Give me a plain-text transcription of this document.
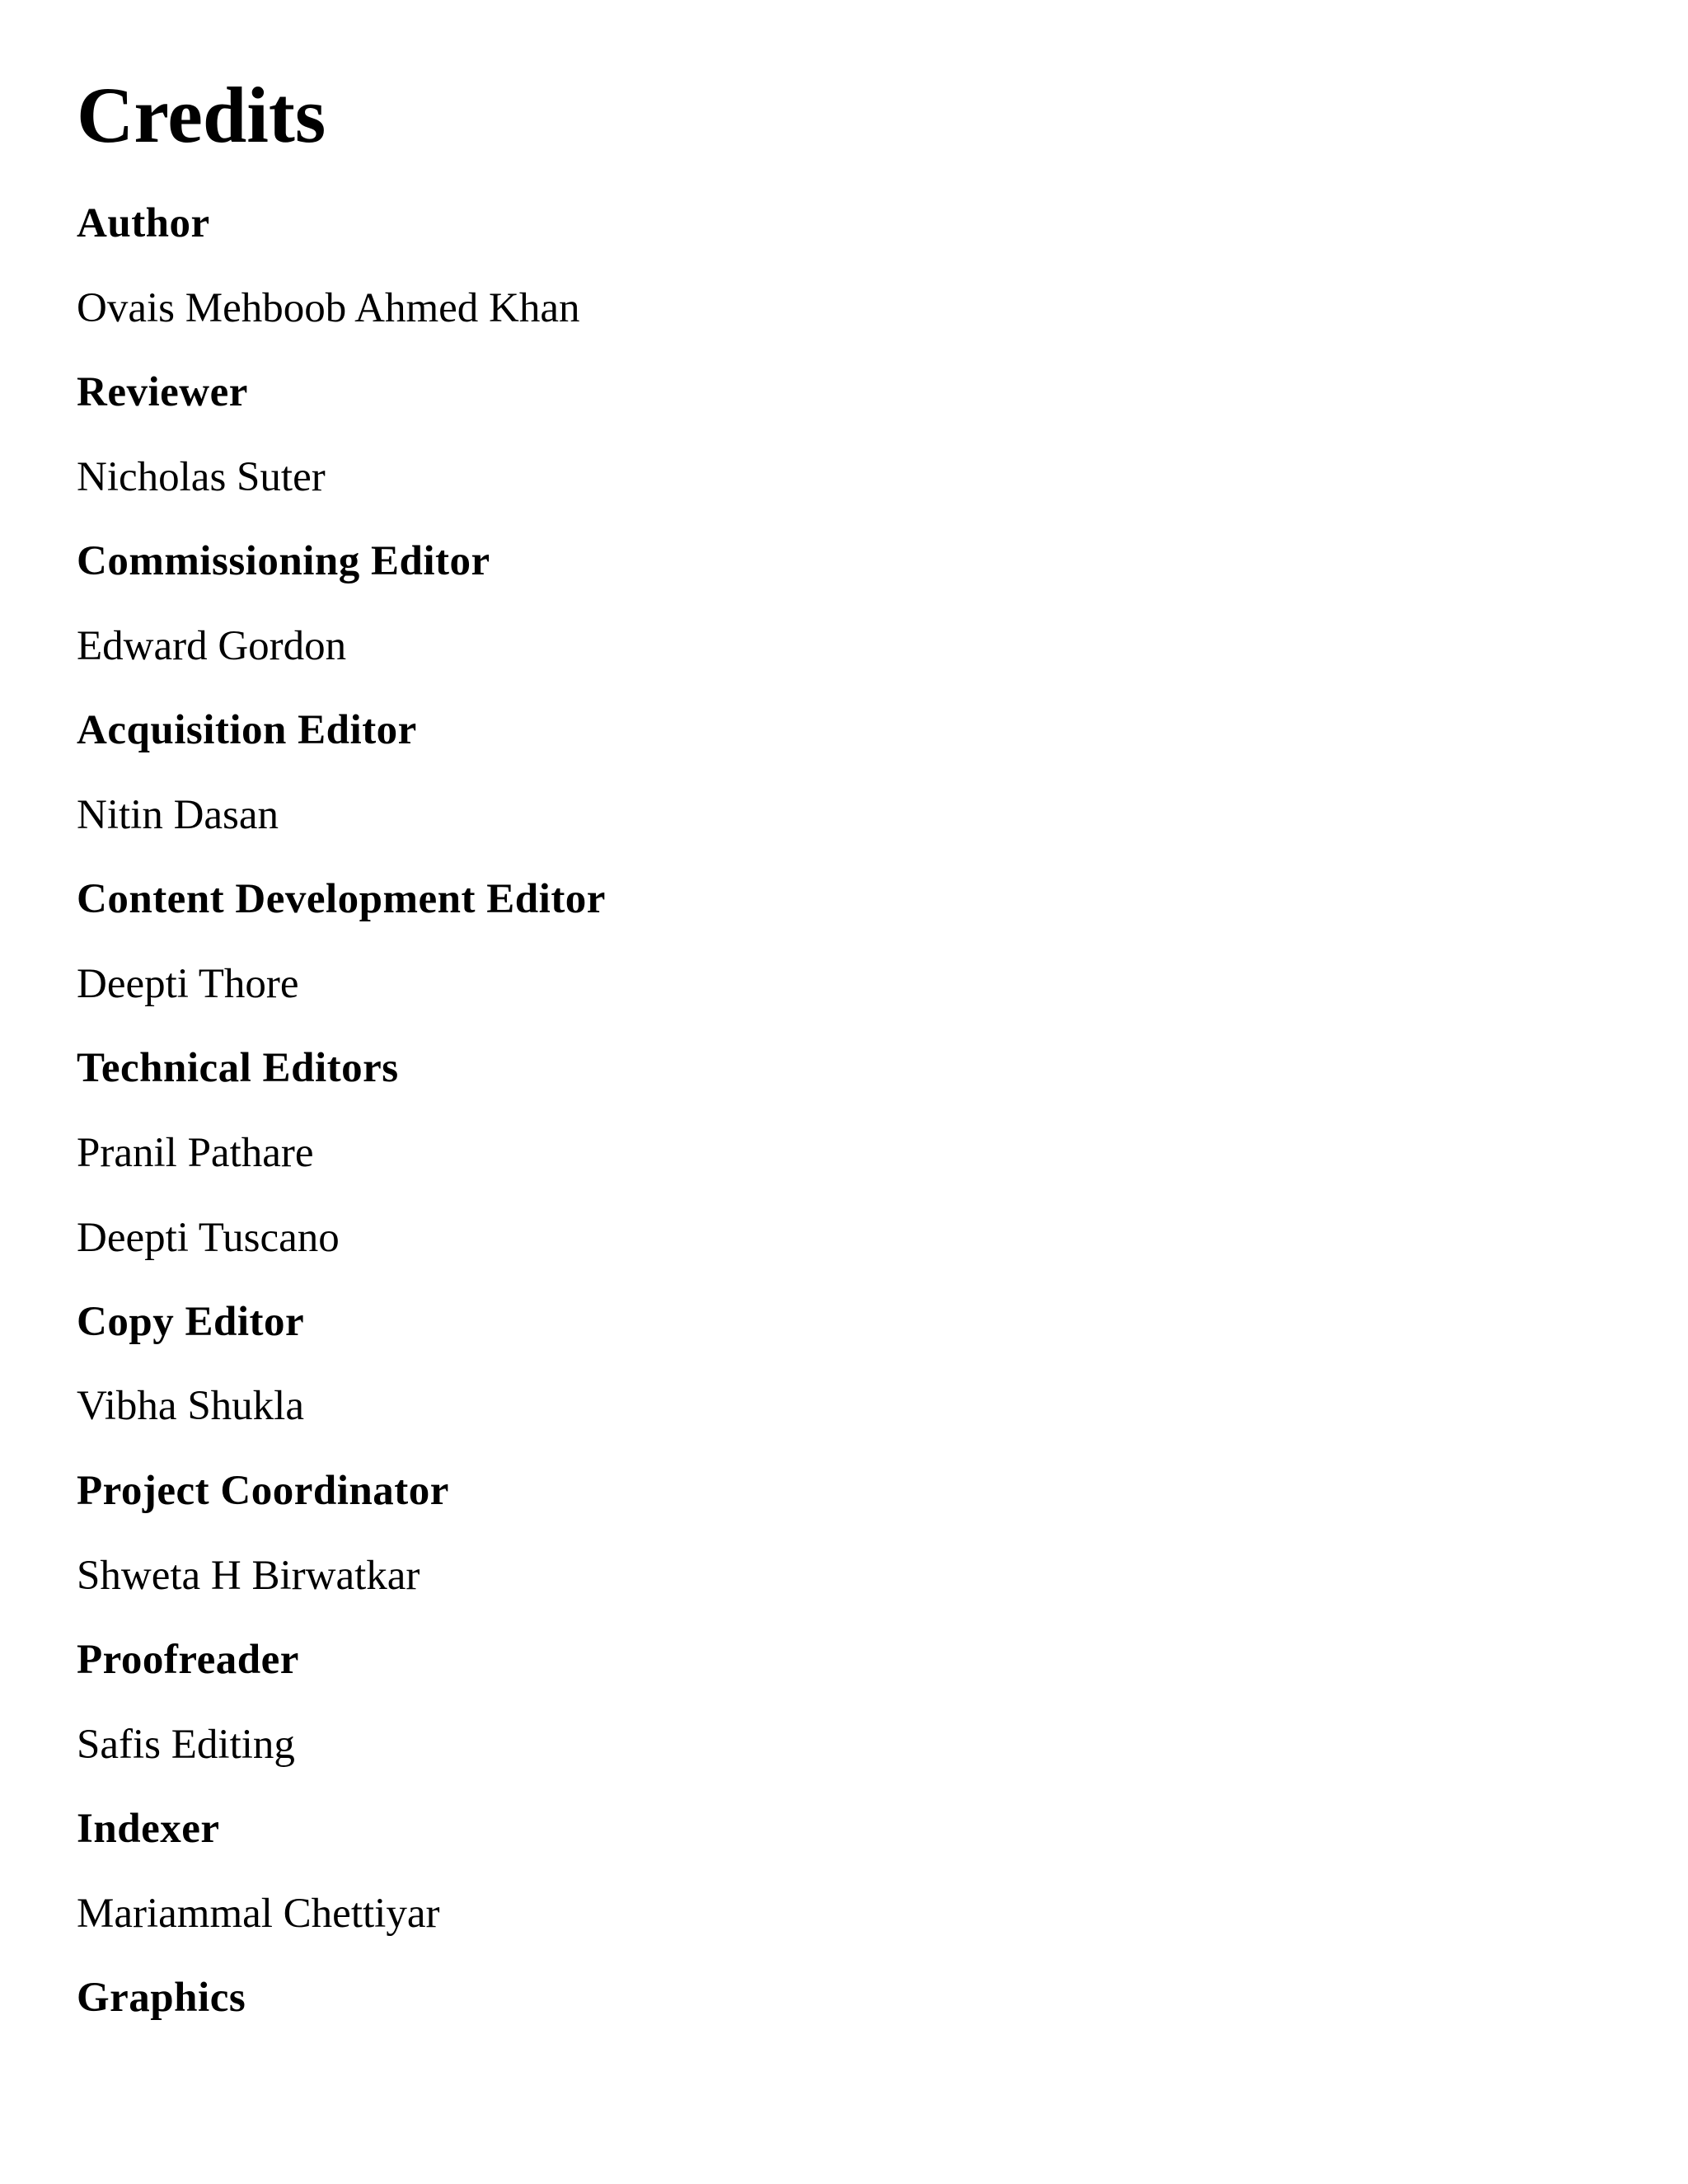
Credits

Author

Ovais Mehboob Ahmed Khan

Reviewer

Nicholas Suter

Commissioning Editor

Edward Gordon

Acquisition Editor

Nitin Dasan

Content Development Editor

Deepti Thore

Technical Editors

Pranil Pathare

Deepti Tuscano

Copy Editor

Vibha Shukla

Project Coordinator

Shweta H Birwatkar

Proofreader

Safis Editing

Indexer

Mariammal Chettiyar

Graphics
